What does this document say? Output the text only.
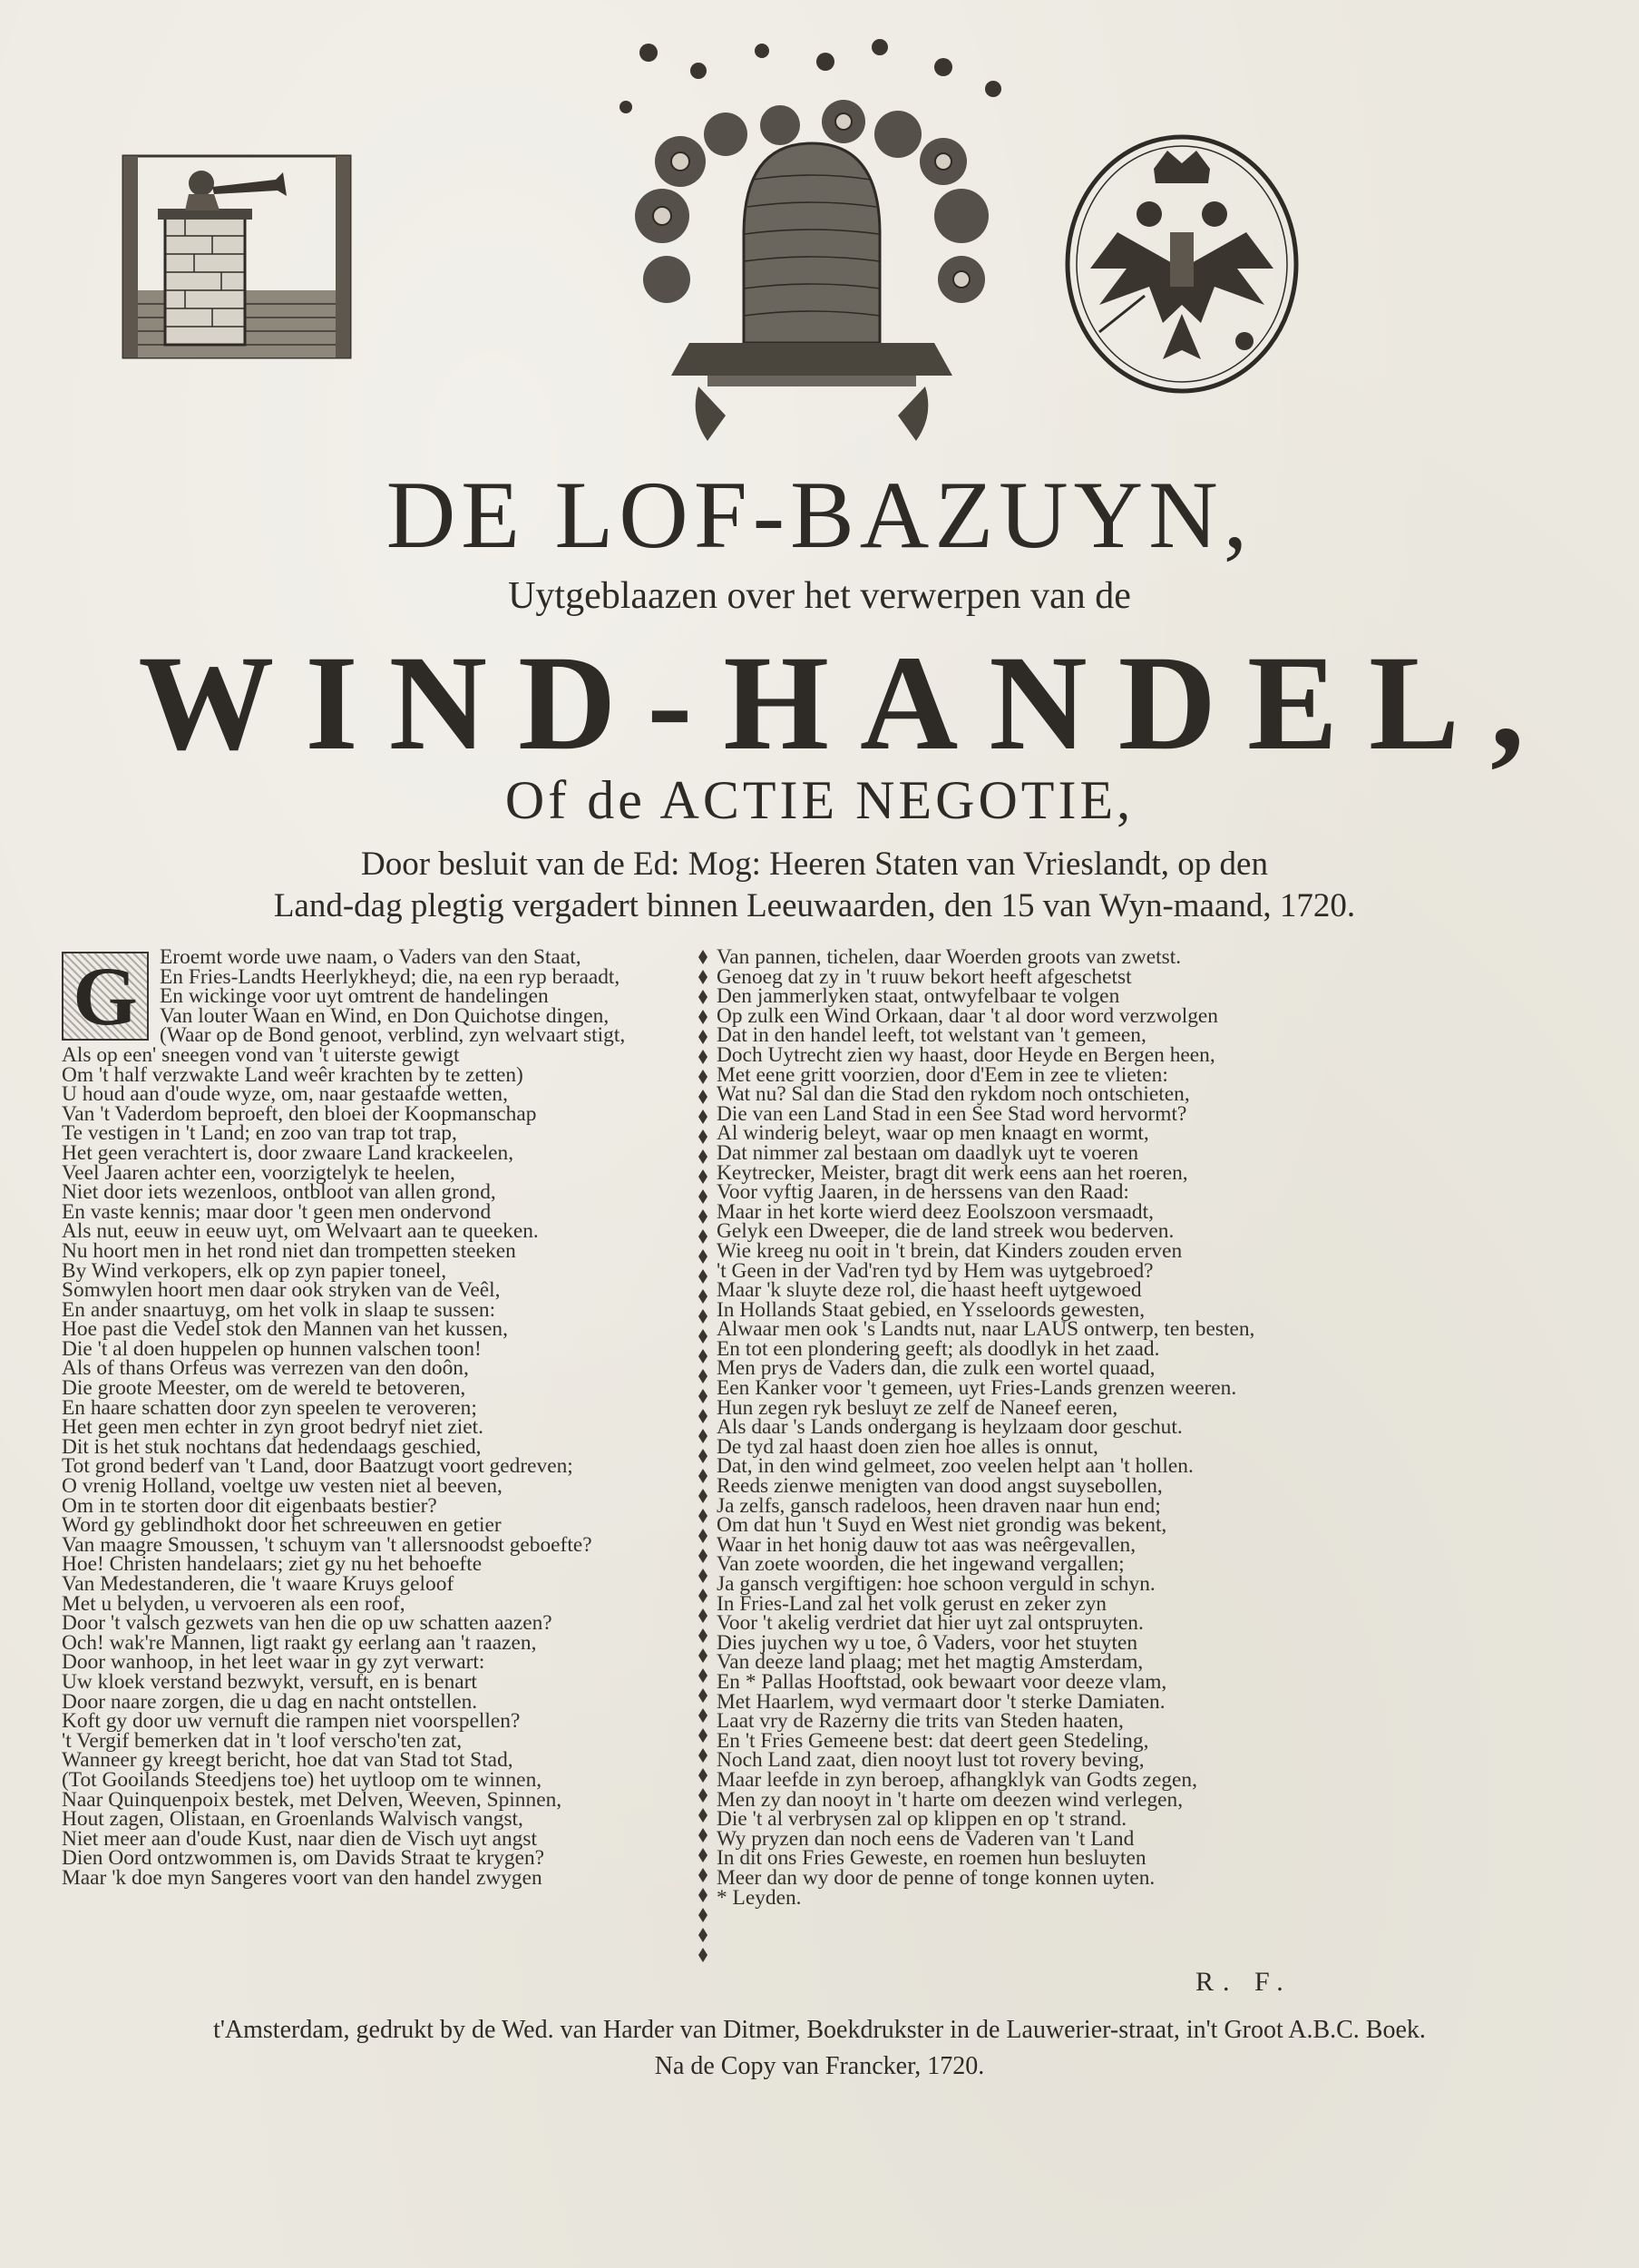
DE LOF-BAZUYN,
Uytgeblaazen over het verwerpen van de
WIND-HANDEL,
Of de ACTIE NEGOTIE,
Door besluit van de Ed: Mog: Heeren Staten van Vrieslandt, op den
Land-dag plegtig vergadert binnen Leeuwaarden, den 15 van Wyn-maand, 1720.
G	Eroemt worde uwe naam, o Vaders van den Staat,
En Fries-Landts Heerlykheyd; die, na een ryp beraadt,
En wickinge voor uyt omtrent de handelingen
Van louter Waan en Wind, en Don Quichotse dingen,
(Waar op de Bond genoot, verblind, zyn welvaart stigt,
Als op een' sneegen vond van 't uiterste gewigt
Om 't half verzwakte Land weêr krachten by te zetten)
U houd aan d'oude wyze, om, naar gestaafde wetten,
Van 't Vaderdom beproeft, den bloei der Koopmanschap
Te vestigen in 't Land; en zoo van trap tot trap,
Het geen verachtert is, door zwaare Land krackeelen,
Veel Jaaren achter een, voorzigtelyk te heelen,
Niet door iets wezenloos, ontbloot van allen grond,
En vaste kennis; maar door 't geen men ondervond
Als nut, eeuw in eeuw uyt, om Welvaart aan te queeken.
Nu hoort men in het rond niet dan trompetten steeken
By Wind verkopers, elk op zyn papier toneel,
Somwylen hoort men daar ook stryken van de Veêl,
En ander snaartuyg, om het volk in slaap te sussen:
Hoe past die Vedel stok den Mannen van het kussen,
Die 't al doen huppelen op hunnen valschen toon!
Als of thans Orfeus was verrezen van den doôn,
Die groote Meester, om de wereld te betoveren,
En haare schatten door zyn speelen te veroveren;
Het geen men echter in zyn groot bedryf niet ziet.
Dit is het stuk nochtans dat hedendaags geschied,
Tot grond bederf van 't Land, door Baatzugt voort gedreven;
O vrenig Holland, voeltge uw vesten niet al beeven,
Om in te storten door dit eigenbaats bestier?
Word gy geblindhokt door het schreeuwen en getier
Van maagre Smoussen, 't schuym van 't allersnoodst geboefte?
Hoe! Christen handelaars; ziet gy nu het behoefte
Van Medestanderen, die 't waare Kruys geloof
Met u belyden, u vervoeren als een roof,
Door 't valsch gezwets van hen die op uw schatten aazen?
Och! wak're Mannen, ligt raakt gy eerlang aan 't raazen,
Door wanhoop, in het leet waar in gy zyt verwart:
Uw kloek verstand bezwykt, versuft, en is benart
Door naare zorgen, die u dag en nacht ontstellen.
Koft gy door uw vernuft die rampen niet voorspellen?
't Vergif bemerken dat in 't loof verscho'ten zat,
Wanneer gy kreegt bericht, hoe dat van Stad tot Stad,
(Tot Gooilands Steedjens toe) het uytloop om te winnen,
Naar Quinquenpoix bestek, met Delven, Weeven, Spinnen,
Hout zagen, Olistaan, en Groenlands Walvisch vangst,
Niet meer aan d'oude Kust, naar dien de Visch uyt angst
Dien Oord ontzwommen is, om Davids Straat te krygen?
Maar 'k doe myn Sangeres voort van den handel zwygen
Van pannen, tichelen, daar Woerden groots van zwetst.
Genoeg dat zy in 't ruuw bekort heeft afgeschetst
Den jammerlyken staat, ontwyfelbaar te volgen
Op zulk een Wind Orkaan, daar 't al door word verzwolgen
Dat in den handel leeft, tot welstant van 't gemeen,
Doch Uytrecht zien wy haast, door Heyde en Bergen heen,
Met eene gritt voorzien, door d'Eem in zee te vlieten:
Wat nu? Sal dan die Stad den rykdom noch ontschieten,
Die van een Land Stad in een See Stad word hervormt?
Al winderig beleyt, waar op men knaagt en wormt,
Dat nimmer zal bestaan om daadlyk uyt te voeren
Keytrecker, Meister, bragt dit werk eens aan het roeren,
Voor vyftig Jaaren, in de herssens van den Raad:
Maar in het korte wierd deez Eoolszoon versmaadt,
Gelyk een Dweeper, die de land streek wou bederven.
Wie kreeg nu ooit in 't brein, dat Kinders zouden erven
't Geen in der Vad'ren tyd by Hem was uytgebroed?
Maar 'k sluyte deze rol, die haast heeft uytgewoed
In Hollands Staat gebied, en Ysseloords gewesten,
Alwaar men ook 's Landts nut, naar LAUS ontwerp, ten besten,
En tot een plondering geeft; als doodlyk in het zaad.
Men prys de Vaders dan, die zulk een wortel quaad,
Een Kanker voor 't gemeen, uyt Fries-Lands grenzen weeren.
Hun zegen ryk besluyt ze zelf de Naneef eeren,
Als daar 's Lands ondergang is heylzaam door geschut.
De tyd zal haast doen zien hoe alles is onnut,
Dat, in den wind gelmeet, zoo veelen helpt aan 't hollen.
Reeds zienwe menigten van dood angst suysebollen,
Ja zelfs, gansch radeloos, heen draven naar hun end;
Om dat hun 't Suyd en West niet grondig was bekent,
Waar in het honig dauw tot aas was neêrgevallen,
Van zoete woorden, die het ingewand vergallen;
Ja gansch vergiftigen: hoe schoon verguld in schyn.
In Fries-Land zal het volk gerust en zeker zyn
Voor 't akelig verdriet dat hier uyt zal ontspruyten.
Dies juychen wy u toe, ô Vaders, voor het stuyten
Van deeze land plaag; met het magtig Amsterdam,
En * Pallas Hooftstad, ook bewaart voor deeze vlam,
Met Haarlem, wyd vermaart door 't sterke Damiaten.
Laat vry de Razerny die trits van Steden haaten,
En 't Fries Gemeene best: dat deert geen Stedeling,
Noch Land zaat, dien nooyt lust tot rovery beving,
Maar leefde in zyn beroep, afhangklyk van Godts zegen,
Men zy dan nooyt in 't harte om deezen wind verlegen,
Die 't al verbrysen zal op klippen en op 't strand.
Wy pryzen dan noch eens de Vaderen van 't Land
In dit ons Fries Geweste, en roemen hun besluyten
Meer dan wy door de penne of tonge konnen uyten.
* Leyden.
R. F.
t'Amsterdam, gedrukt by de Wed. van Harder van Ditmer, Boekdrukster in de Lauwerier-straat, in't Groot A.B.C. Boek.
Na de Copy van Francker, 1720.
